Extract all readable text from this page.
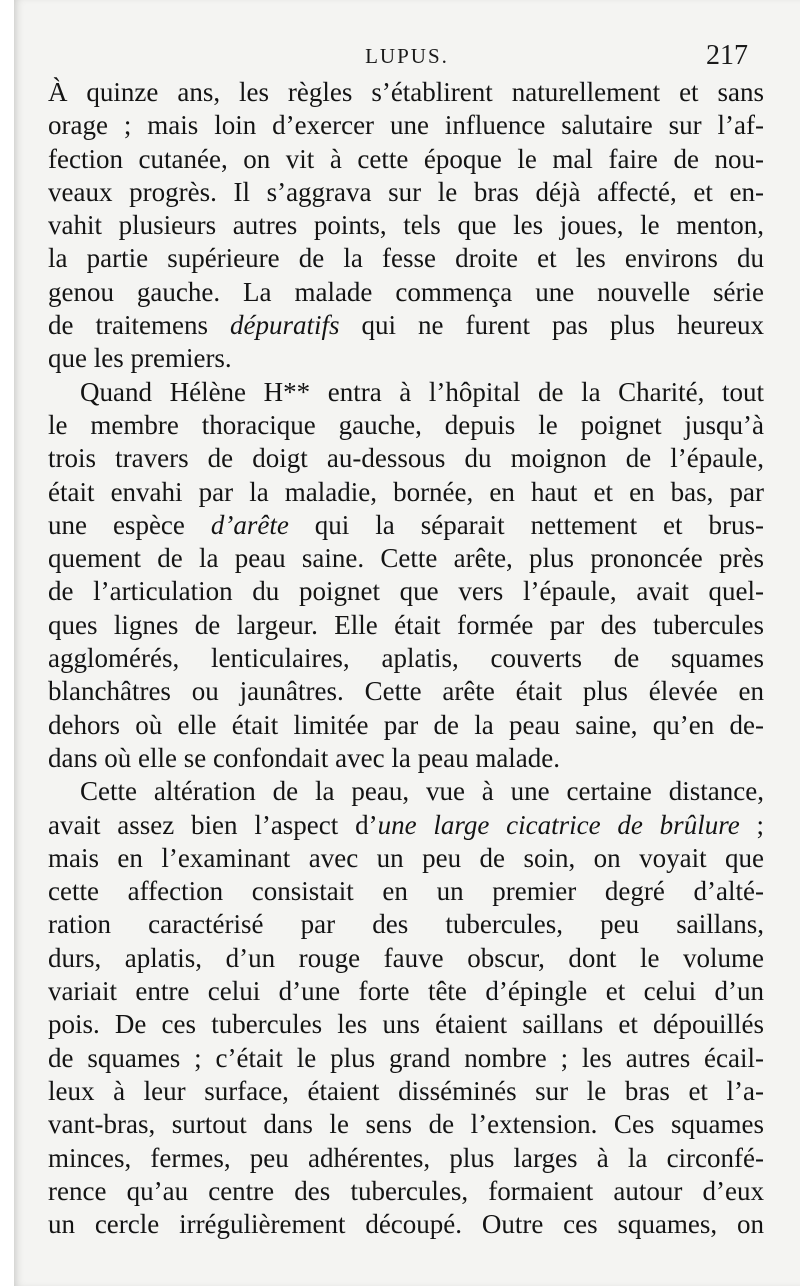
LUPUS.	217
À quinze ans, les règles s’établirent naturellement et sans
orage ; mais loin d’exercer une influence salutaire sur l’af-
fection cutanée, on vit à cette époque le mal faire de nou-
veaux progrès. Il s’aggrava sur le bras déjà affecté, et en-
vahit plusieurs autres points, tels que les joues, le menton,
la partie supérieure de la fesse droite et les environs du
genou gauche. La malade commença une nouvelle série
de traitemens dépuratifs qui ne furent pas plus heureux
que les premiers.
Quand Hélène H** entra à l’hôpital de la Charité, tout
le membre thoracique gauche, depuis le poignet jusqu’à
trois travers de doigt au-dessous du moignon de l’épaule,
était envahi par la maladie, bornée, en haut et en bas, par
une espèce d’arête qui la séparait nettement et brus-
quement de la peau saine. Cette arête, plus prononcée près
de l’articulation du poignet que vers l’épaule, avait quel-
ques lignes de largeur. Elle était formée par des tubercules
agglomérés, lenticulaires, aplatis, couverts de squames
blanchâtres ou jaunâtres. Cette arête était plus élevée en
dehors où elle était limitée par de la peau saine, qu’en de-
dans où elle se confondait avec la peau malade.
Cette altération de la peau, vue à une certaine distance,
avait assez bien l’aspect d’une large cicatrice de brûlure ;
mais en l’examinant avec un peu de soin, on voyait que
cette affection consistait en un premier degré d’alté-
ration caractérisé par des tubercules, peu saillans,
durs, aplatis, d’un rouge fauve obscur, dont le volume
variait entre celui d’une forte tête d’épingle et celui d’un
pois. De ces tubercules les uns étaient saillans et dépouillés
de squames ; c’était le plus grand nombre ; les autres écail-
leux à leur surface, étaient disséminés sur le bras et l’a-
vant-bras, surtout dans le sens de l’extension. Ces squames
minces, fermes, peu adhérentes, plus larges à la circonfé-
rence qu’au centre des tubercules, formaient autour d’eux
un cercle irrégulièrement découpé. Outre ces squames, on
